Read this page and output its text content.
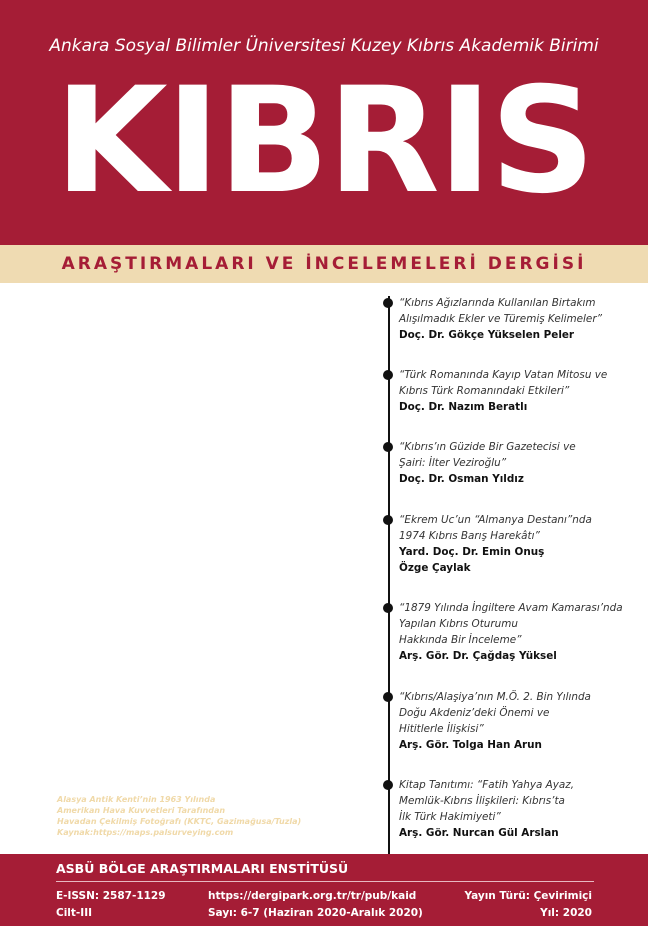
Ankara Sosyal Bilimler Üniversitesi Kuzey Kıbrıs Akademik Birimi
KIBRIS
ARAŞTIRMALARI VE İNCELEMELERİ DERGİSİ
“Kıbrıs Ağızlarında Kullanılan Birtakım
Alışılmadık Ekler ve Türemiş Kelimeler”
Doç. Dr. Gökçe Yükselen Peler
“Türk Romanında Kayıp Vatan Mitosu ve
Kıbrıs Türk Romanındaki Etkileri”
Doç. Dr. Nazım Beratlı
“Kıbrıs’ın Güzide Bir Gazetecisi ve
Şairi: İlter Veziroğlu”
Doç. Dr. Osman Yıldız
“Ekrem Uc’un “Almanya Destanı”nda
1974 Kıbrıs Barış Harekâtı”
Yard. Doç. Dr. Emin Onuş
Özge Çaylak
“1879 Yılında İngiltere Avam Kamarası’nda
Yapılan Kıbrıs Oturumu
Hakkında Bir İnceleme”
Arş. Gör. Dr. Çağdaş Yüksel
“Kıbrıs/Alaşiya’nın M.Ö. 2. Bin Yılında
Doğu Akdeniz’deki Önemi ve
Hititlerle İlişkisi”
Arş. Gör. Tolga Han Arun
Kitap Tanıtımı: “Fatih Yahya Ayaz,
Memlük-Kıbrıs İlişkileri: Kıbrıs’ta
İlk Türk Hakimiyeti”
Arş. Gör. Nurcan Gül Arslan
Alasya Antik Kenti’nin 1963 Yılında
Amerikan Hava Kuvvetleri Tarafından
Havadan Çekilmiş Fotoğrafı (KKTC, Gazimağusa/Tuzla)
Kaynak:https://maps.palsurveying.com
ASBÜ BÖLGE ARAŞTIRMALARI ENSTİTÜSÜ
E-ISSN: 2587-1129
Cilt-III
https://dergipark.org.tr/tr/pub/kaid
Sayı: 6-7 (Haziran 2020-Aralık 2020)
Yayın Türü: Çevirimiçi
Yıl: 2020
